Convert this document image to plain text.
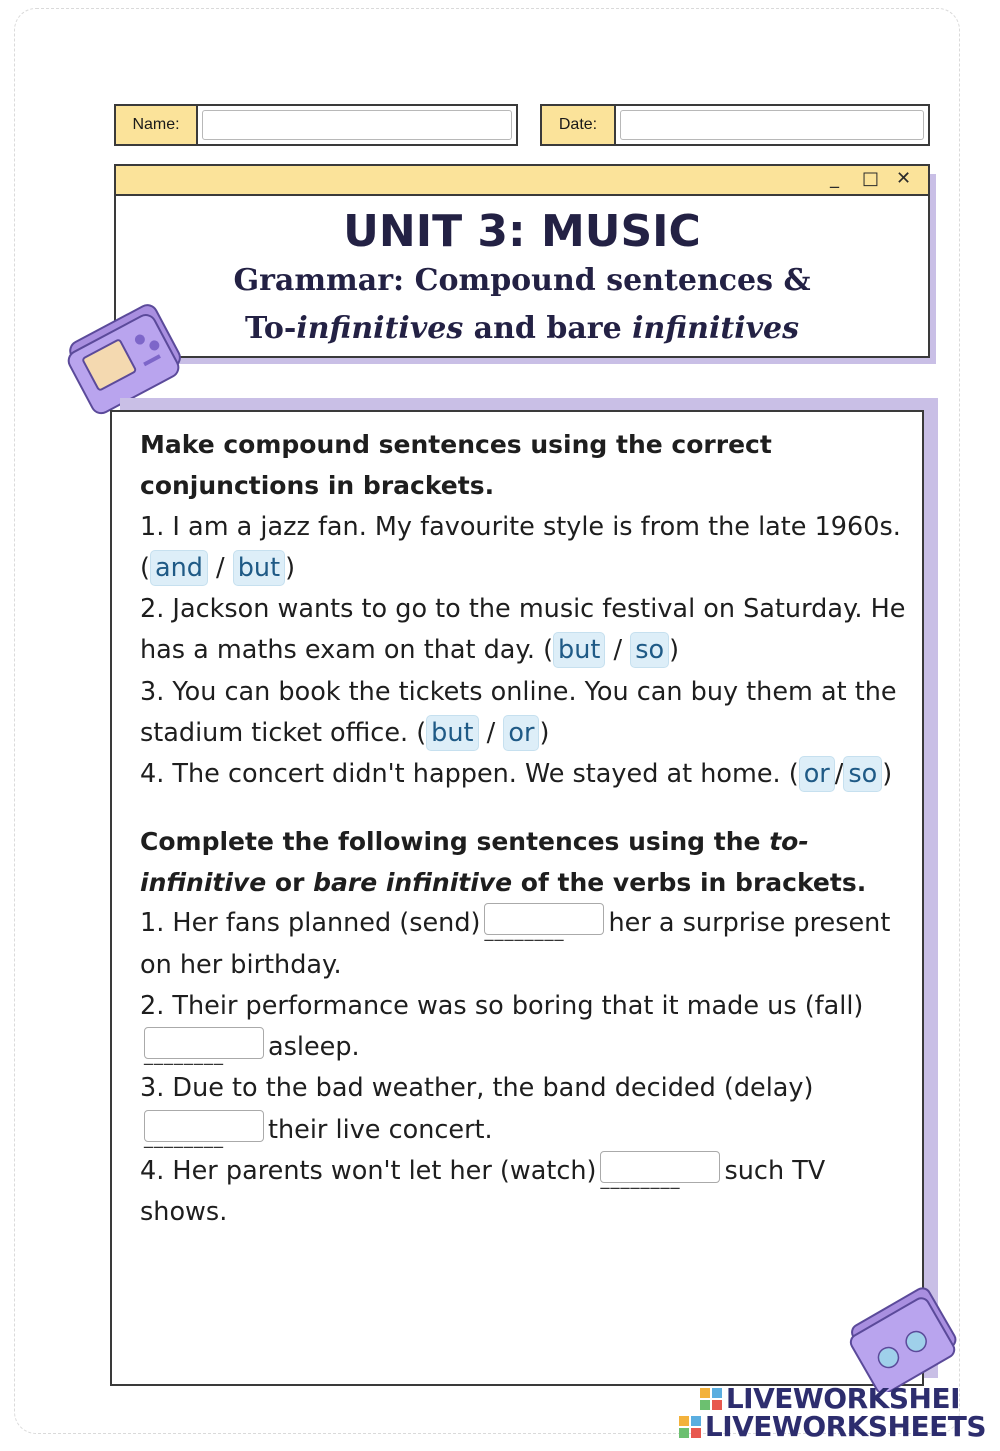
Name:	Date:
_ □ ✕
UNIT 3: MUSIC
Grammar: Compound sentences &
To-infinitives and bare infinitives

Make compound sentences using the correct conjunctions in brackets.

1. I am a jazz fan. My favourite style is from the late 1960s. ( and / but )

2. Jackson wants to go to the music festival on Saturday. He has a maths exam on that day. ( but / so )

3. You can book the tickets online. You can buy them at the stadium ticket office. ( but / or )

4. The concert didn't happen. We stayed at home. ( or / so )

Complete the following sentences using the to-infinitive or bare infinitive of the verbs in brackets.

1. Her fans planned (send)	her a surprise present on her birthday.

2. Their performance was so boring that it made us (fall)
asleep.

3. Due to the bad weather, the band decided (delay)
their live concert.

4. Her parents won't let her (watch)	such TV shows.

LIVEWORKSHEI
LIVEWORKSHEETS
